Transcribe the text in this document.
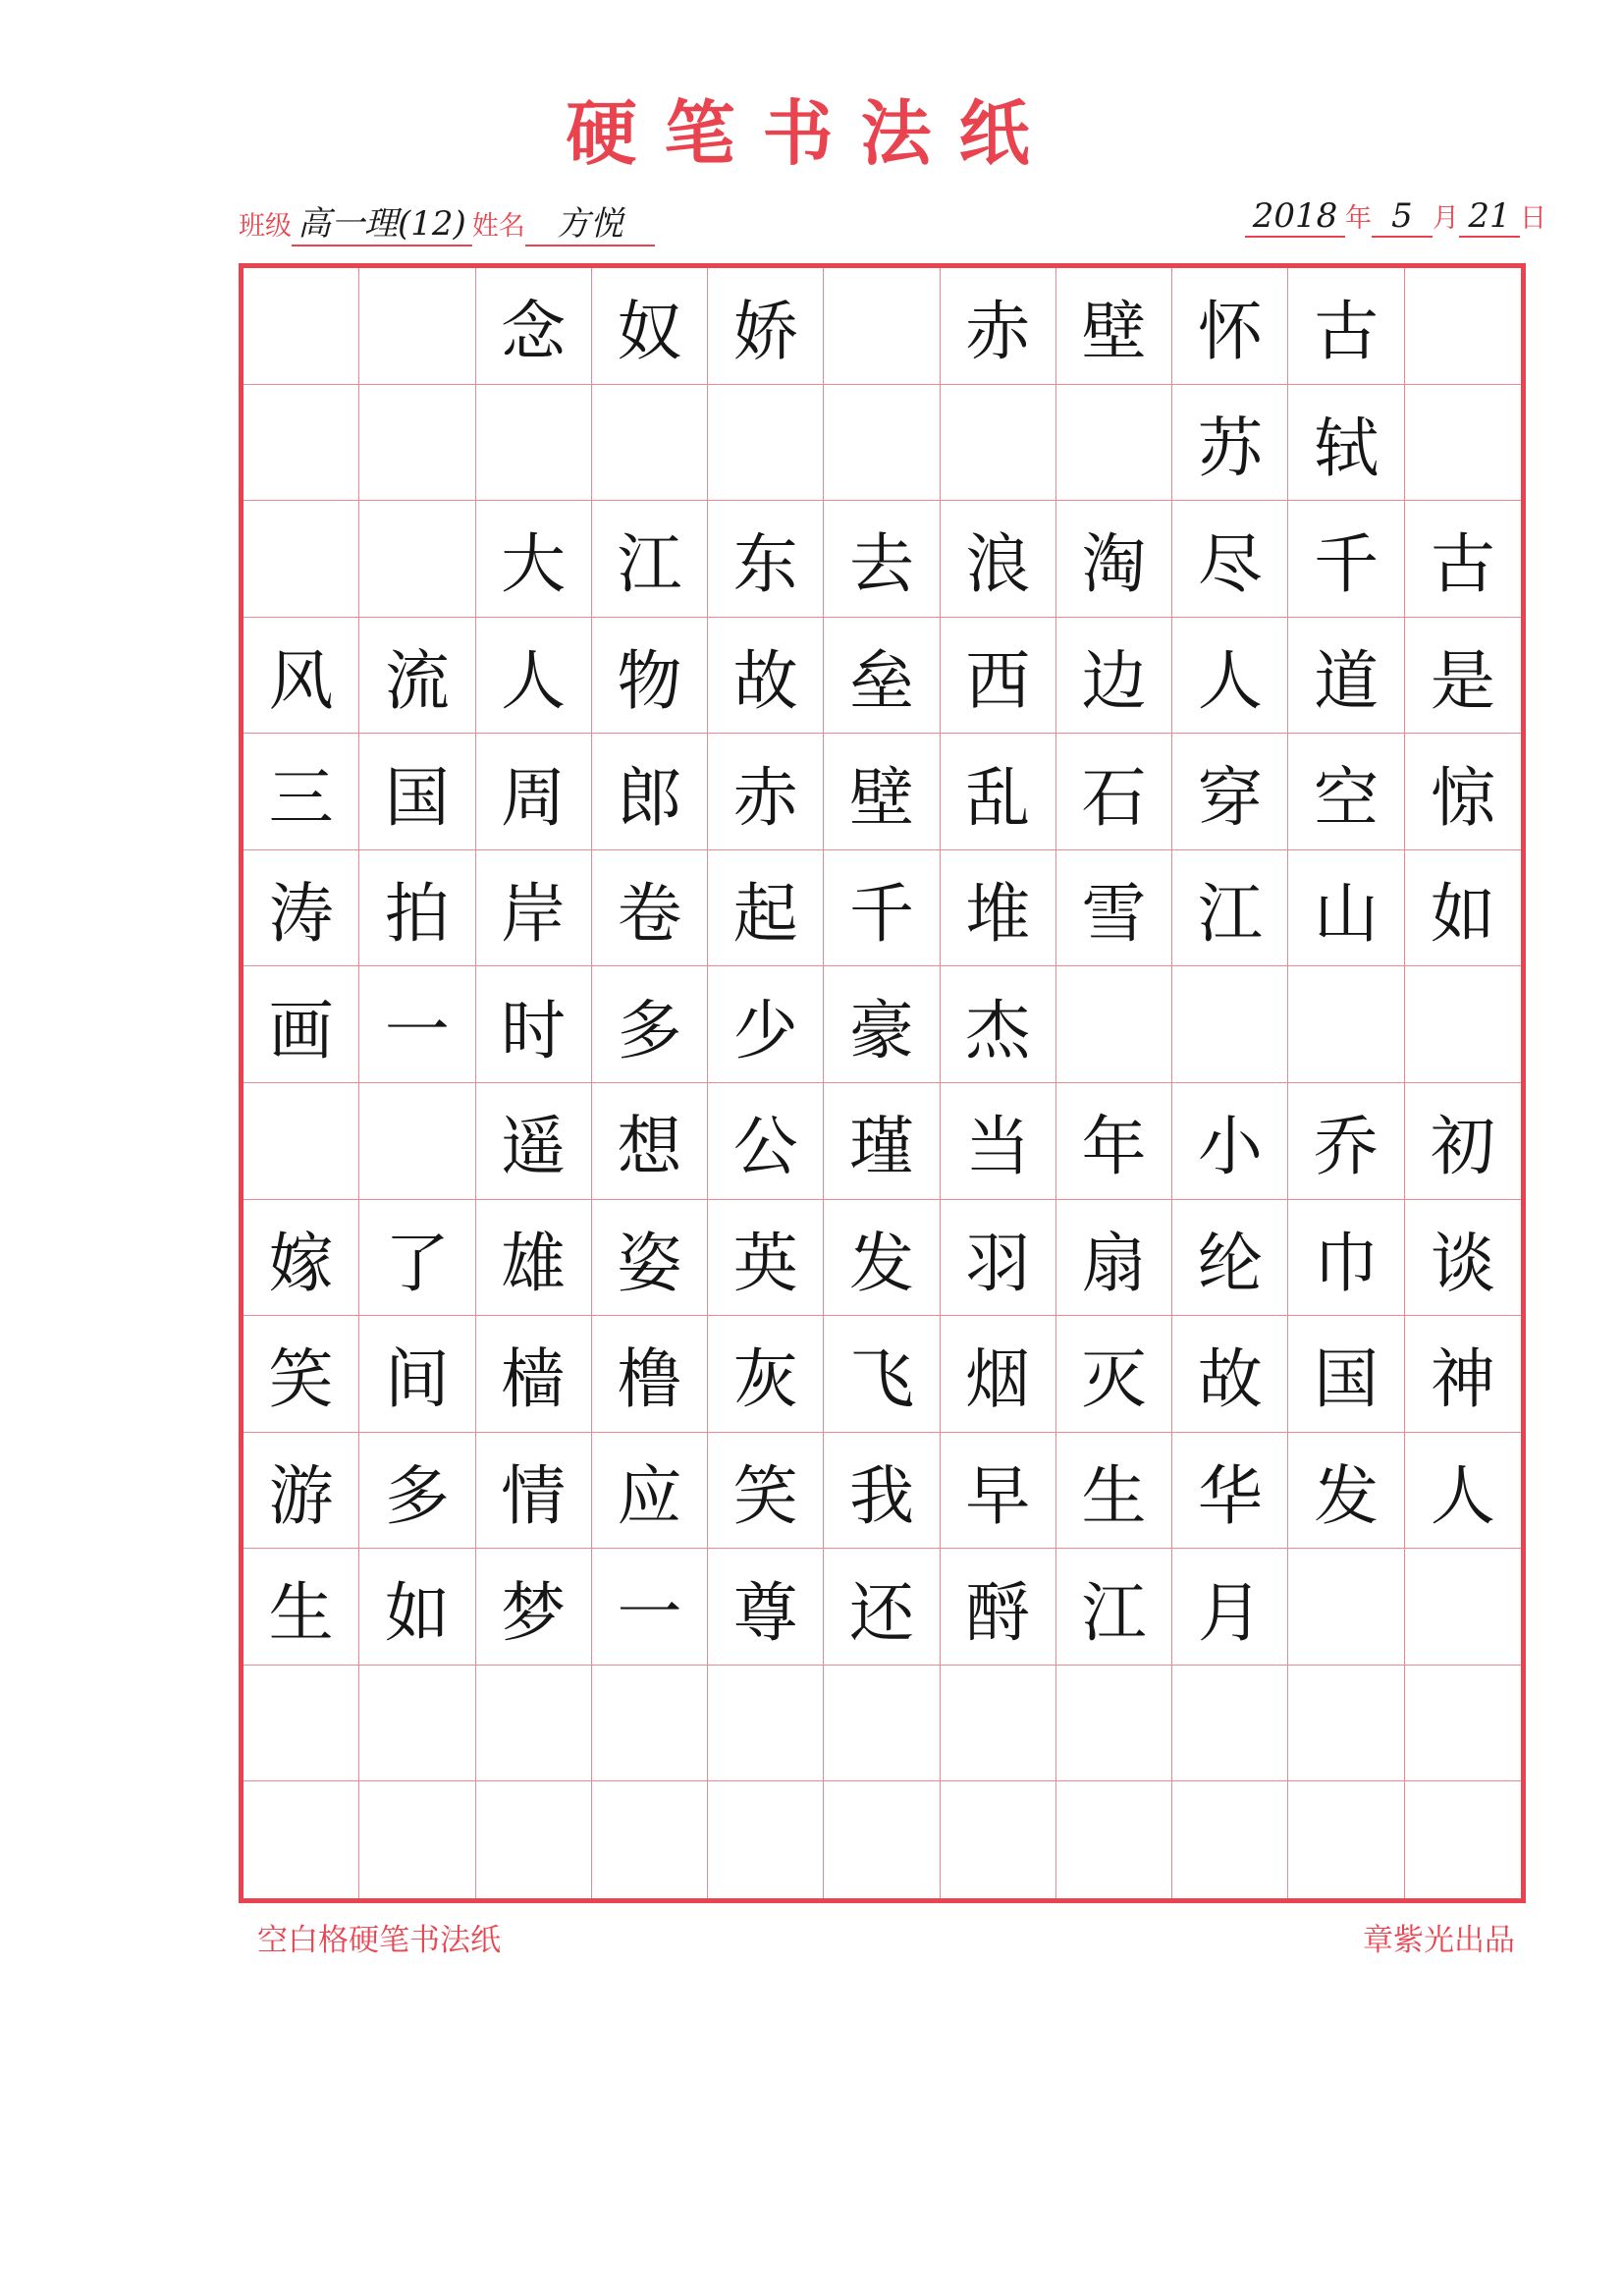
硬笔书法纸
班级 高一理(12) 姓名 方悦	2018 年 5 月 21 日
念 奴 娇	赤 壁 怀 古
苏 轼
大 江 东 去 浪 淘 尽 千 古
风 流 人 物 故 垒 西 边 人 道 是
三 国 周 郎 赤 壁 乱 石 穿 空 惊
涛 拍 岸 卷 起 千 堆 雪 江 山 如
画 一 时 多 少 豪 杰
遥 想 公 瑾 当 年 小 乔 初
嫁 了 雄 姿 英 发 羽 扇 纶 巾 谈
笑 间 樯 橹 灰 飞 烟 灭 故 国 神
游 多 情 应 笑 我 早 生 华 发 人
生 如 梦 一 尊 还 酹 江 月
空白格硬笔书法纸	章紫光出品
